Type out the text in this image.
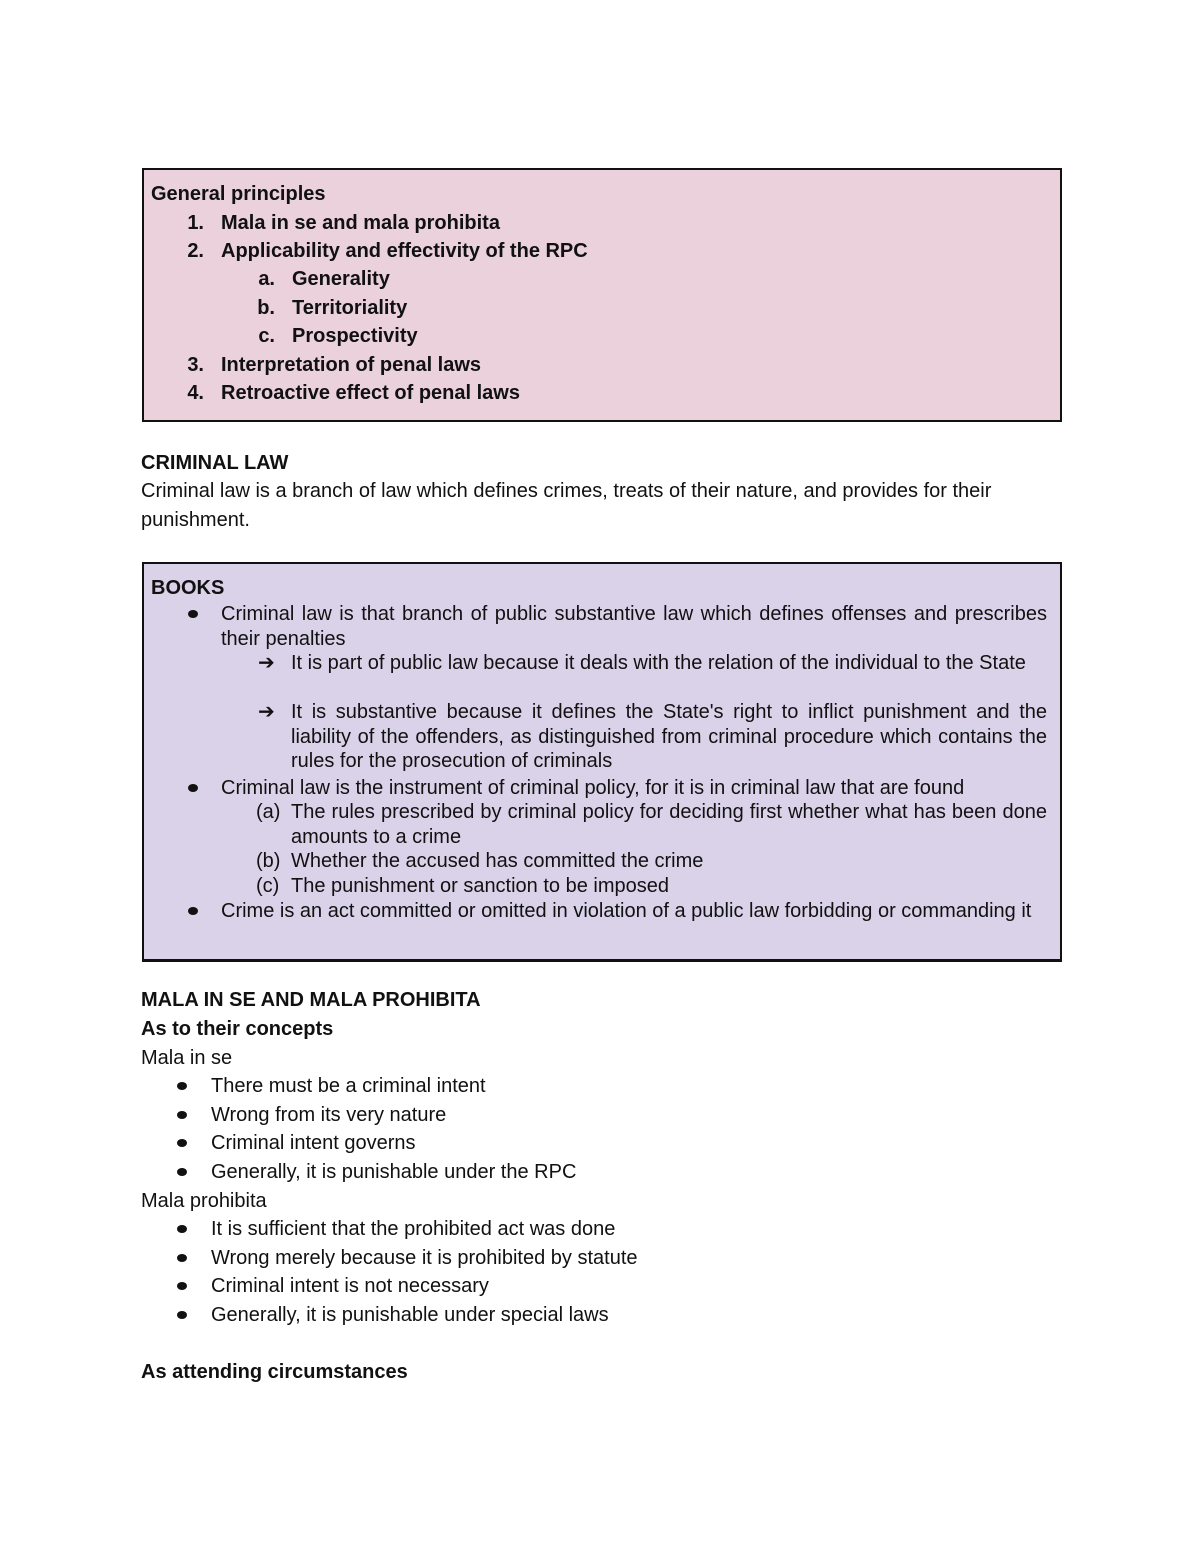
General principles
1. Mala in se and mala prohibita
2. Applicability and effectivity of the RPC
a. Generality
b. Territoriality
c. Prospectivity
3. Interpretation of penal laws
4. Retroactive effect of penal laws
CRIMINAL LAW
Criminal law is a branch of law which defines crimes, treats of their nature, and provides for their
punishment.
BOOKS
Criminal law is that branch of public substantive law which defines offenses and prescribes their penalties
➔ It is part of public law because it deals with the relation of the individual to the State
➔ It is substantive because it defines the State's right to inflict punishment and the liability of the offenders, as distinguished from criminal procedure which contains the rules for the prosecution of criminals
Criminal law is the instrument of criminal policy, for it is in criminal law that are found
(a) The rules prescribed by criminal policy for deciding first whether what has been done amounts to a crime
(b) Whether the accused has committed the crime
(c) The punishment or sanction to be imposed
Crime is an act committed or omitted in violation of a public law forbidding or commanding it
MALA IN SE AND MALA PROHIBITA
As to their concepts
Mala in se
There must be a criminal intent
Wrong from its very nature
Criminal intent governs
Generally, it is punishable under the RPC
Mala prohibita
It is sufficient that the prohibited act was done
Wrong merely because it is prohibited by statute
Criminal intent is not necessary
Generally, it is punishable under special laws
As attending circumstances
